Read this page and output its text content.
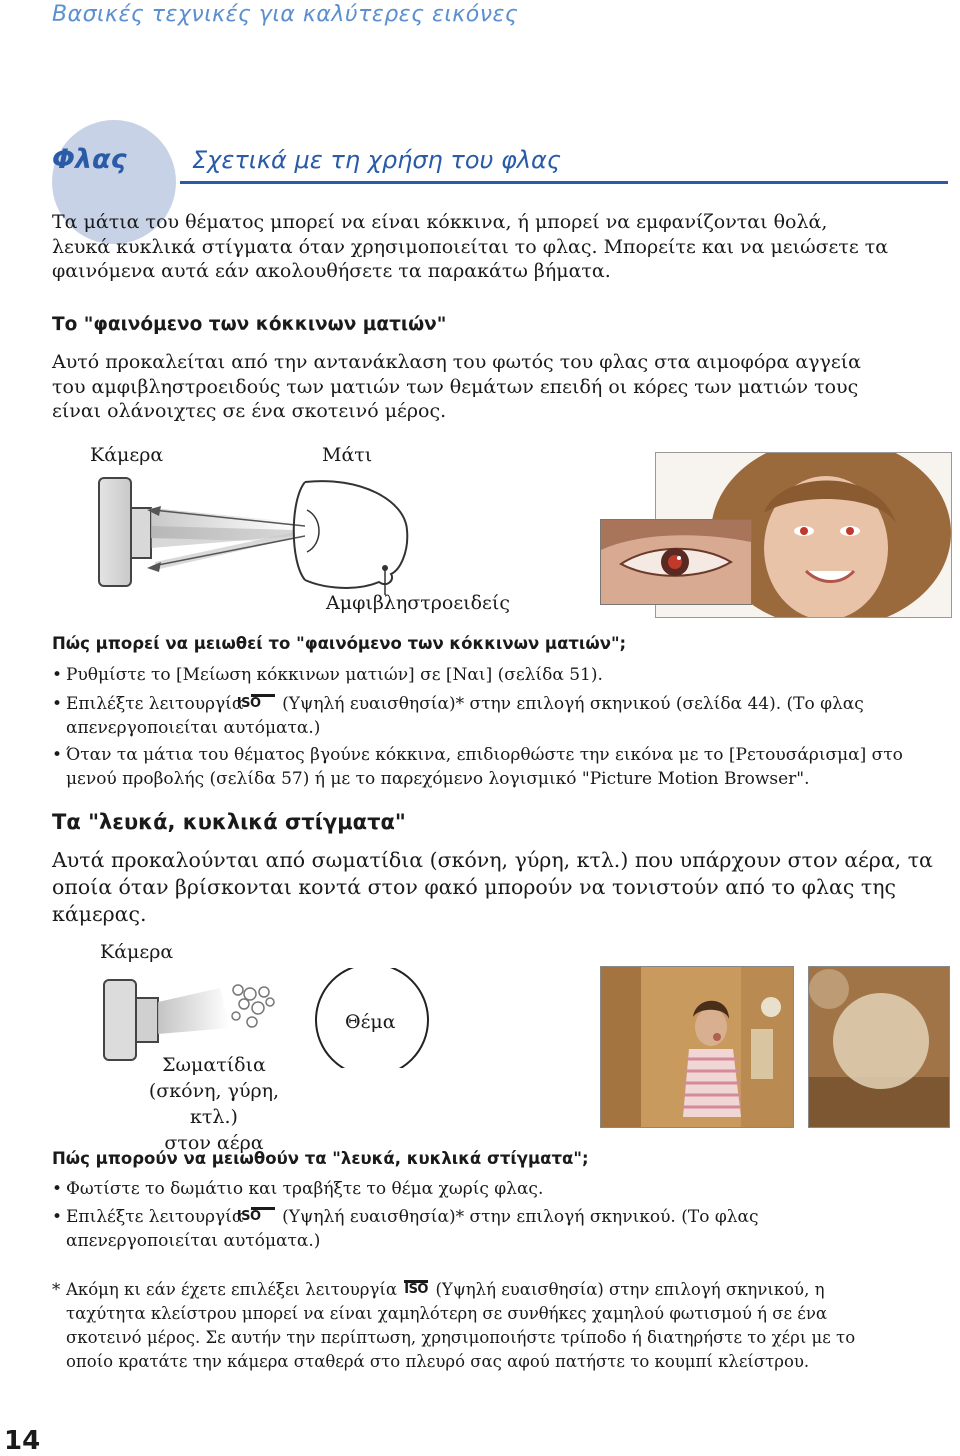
Βασικές τεχνικές για καλύτερες εικόνες
Φλας	Σχετικά με τη χρήση του φλας
Τα μάτια του θέματος μπορεί να είναι κόκκινα, ή μπορεί να εμφανίζονται θολά,
λευκά κυκλικά στίγματα όταν χρησιμοποιείται το φλας. Μπορείτε και να μειώσετε τα
φαινόμενα αυτά εάν ακολουθήσετε τα παρακάτω βήματα.
Το "φαινόμενο των κόκκινων ματιών"
Αυτό προκαλείται από την αντανάκλαση του φωτός του φλας στα αιμοφόρα αγγεία
του αμφιβληστροειδούς των ματιών των θεμάτων επειδή οι κόρες των ματιών τους
είναι ολάνοιχτες σε ένα σκοτεινό μέρος.
Κάμερα	Μάτι
Αμφιβληστροειδείς
Πώς μπορεί να μειωθεί το "φαινόμενο των κόκκινων ματιών";
• Ρυθμίστε το [Μείωση κόκκινων ματιών] σε [Ναι] (σελίδα 51).
• Επιλέξτε λειτουργία
ISO (Υψηλή ευαισθησία)* στην επιλογή σκηνικού (σελίδα 44). (Το φλας
απενεργοποιείται αυτόματα.)
• Όταν τα μάτια του θέματος βγούνε κόκκινα, επιδιορθώστε την εικόνα με το [Ρετουσάρισμα] στο
μενού προβολής (σελίδα 57) ή με το παρεχόμενο λογισμικό "Picture Motion Browser".
Τα "λευκά, κυκλικά στίγματα"
Αυτά προκαλούνται από σωματίδια (σκόνη, γύρη, κτλ.) που υπάρχουν στον αέρα, τα
οποία όταν βρίσκονται κοντά στον φακό μπορούν να τονιστούν από το φλας της
κάμερας.
Κάμερα
Θέμα
Σωματίδια
(σκόνη, γύρη, κτλ.)
στον αέρα
Πώς μπορούν να μειωθούν τα "λευκά, κυκλικά στίγματα";
• Φωτίστε το δωμάτιο και τραβήξτε το θέμα χωρίς φλας.
• Επιλέξτε λειτουργία
ISO (Υψηλή ευαισθησία)* στην επιλογή σκηνικού. (Το φλας
απενεργοποιείται αυτόματα.)
* Ακόμη κι εάν έχετε επιλέξει λειτουργία ISO (Υψηλή ευαισθησία) στην επιλογή σκηνικού, η
ταχύτητα κλείστρου μπορεί να είναι χαμηλότερη σε συνθήκες χαμηλού φωτισμού ή σε ένα
σκοτεινό μέρος. Σε αυτήν την περίπτωση, χρησιμοποιήστε τρίποδο ή διατηρήστε το χέρι με το
οποίο κρατάτε την κάμερα σταθερά στο πλευρό σας αφού πατήστε το κουμπί κλείστρου.
14
